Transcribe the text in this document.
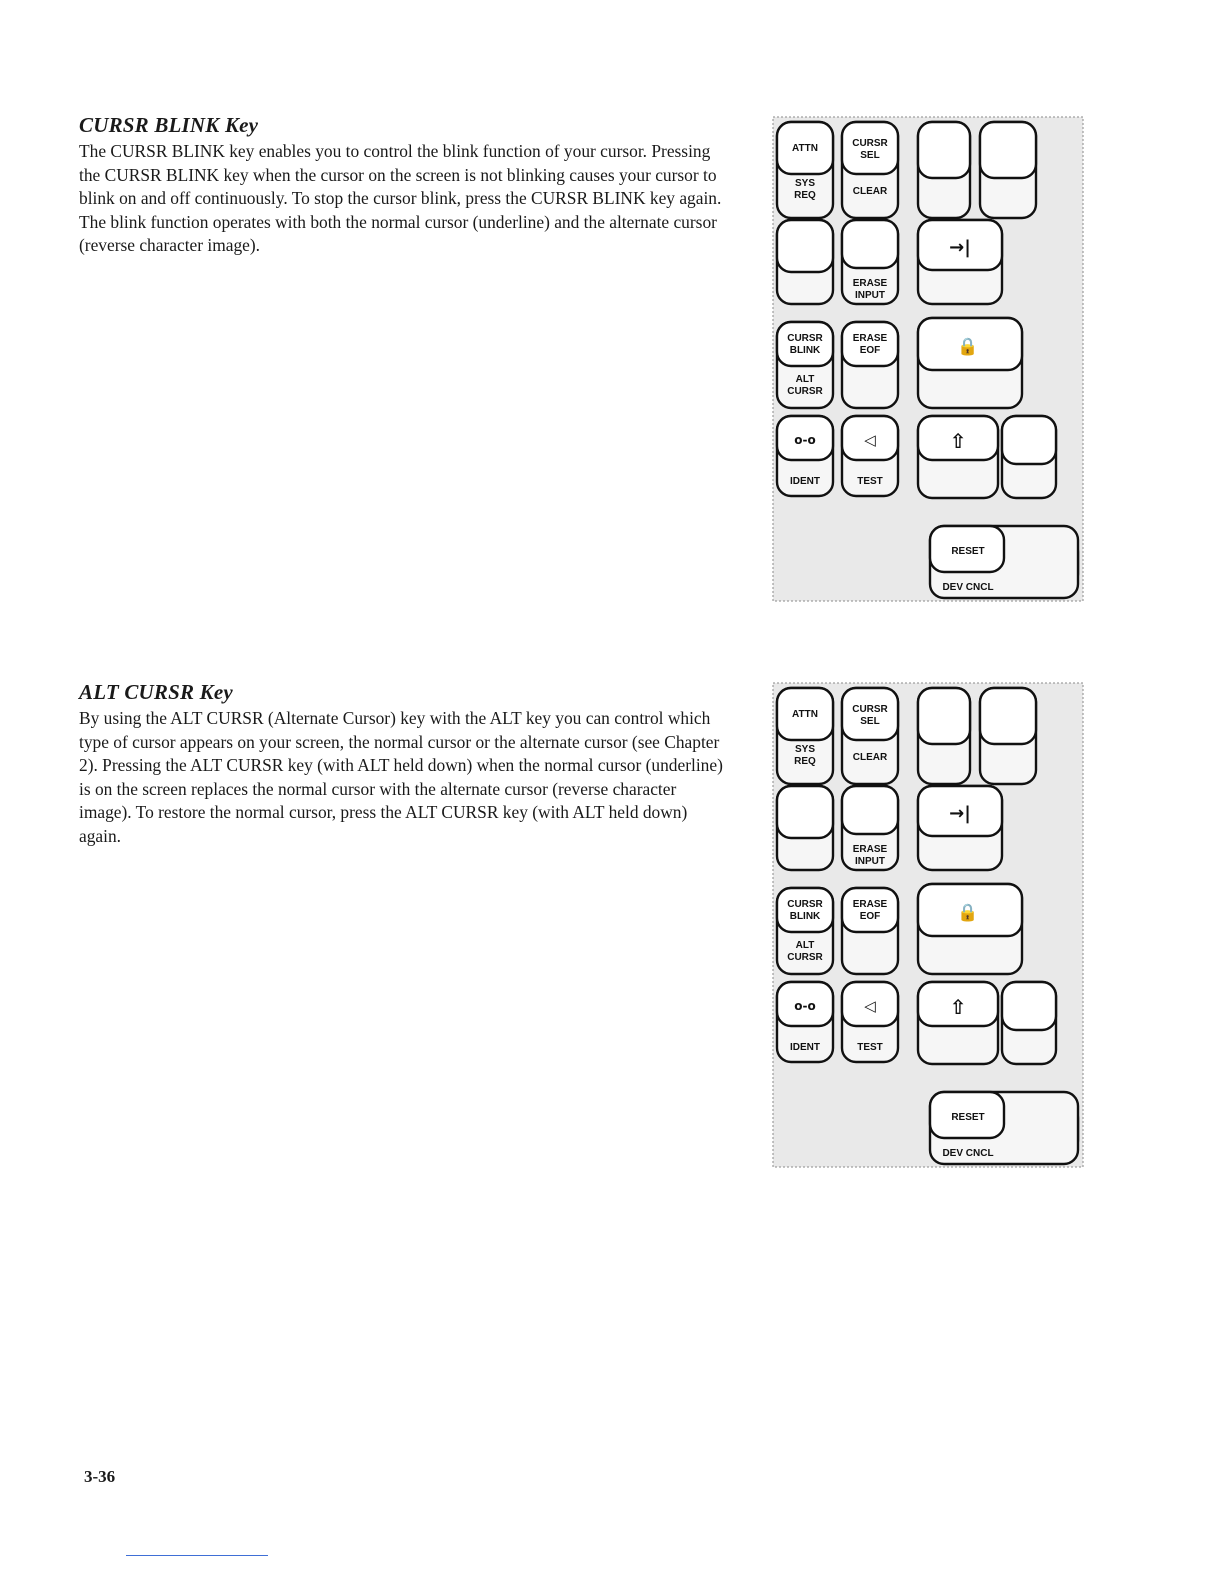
CURSR BLINK Key

The CURSR BLINK key enables you to control the blink function of your cursor. Pressing the CURSR BLINK key when the cursor on the screen is not blinking causes your cursor to blink on and off continuously. To stop the cursor blink, press the CURSR BLINK key again. The blink function operates with both the normal cursor (underline) and the alternate cursor (reverse character image).

ALT CURSR Key

By using the ALT CURSR (Alternate Cursor) key with the ALT key you can control which type of cursor appears on your screen, the normal cursor or the alternate cursor (see Chapter 2). Pressing the ALT CURSR key (with ALT held down) when the normal cursor (underline) is on the screen replaces the normal cursor with the alternate cursor (reverse character image). To restore the normal cursor, press the ALT CURSR key (with ALT held down) again.

ATTN
SYS
REQ
CURSR
SEL
CLEAR
ERASE
INPUT
→|
CURSR
BLINK
ALT
CURSR
ERASE
EOF	🔒
o-o
IDENT
◁
TEST
⇧
RESET
DEV CNCL
ATTN
SYS
REQ
CURSR
SEL
CLEAR
ERASE
INPUT
→|
CURSR
BLINK
ALT
CURSR
ERASE
EOF	🔒
o-o
IDENT
◁
TEST
⇧
RESET
DEV CNCL
3-36
